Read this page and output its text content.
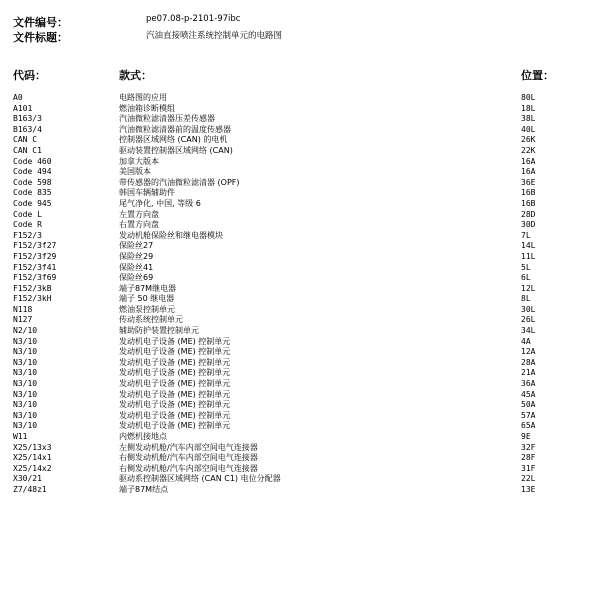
文件编号：	pe07.08-p-2101-97ibc
文件标题：	汽油直接喷注系统控制单元的电路图
代码：	款式：	位置：
A0	电路图的应用	80L
A101	燃油箱诊断模组	18L
B163/3	汽油微粒滤清器压差传感器	38L
B163/4	汽油微粒滤清器前的温度传感器	40L
CAN C	控制器区域网络 (CAN) 的电机	26K
CAN C1	驱动装置控制器区域网络 (CAN)	22K
Code 460	加拿大版本	16A
Code 494	美国版本	16A
Code 598	带传感器的汽油微粒滤清器 (OPF)	36E
Code 835	韩国车辆辅助件	16B
Code 945	尾气净化, 中国, 等级 6	16B
Code L	左置方向盘	28D
Code R	右置方向盘	30D
F152/3	发动机舱保险丝和继电器模块	7L
F152/3f27	保险丝27	14L
F152/3f29	保险丝29	11L
F152/3f41	保险丝41	5L
F152/3f69	保险丝69	6L
F152/3kB	端子87M继电器	12L
F152/3kH	端子 50 继电器	8L
N118	燃油泵控制单元	30L
N127	传动系统控制单元	26L
N2/10	辅助防护装置控制单元	34L
N3/10	发动机电子设备 (ME) 控制单元	4A
N3/10	发动机电子设备 (ME) 控制单元	12A
N3/10	发动机电子设备 (ME) 控制单元	28A
N3/10	发动机电子设备 (ME) 控制单元	21A
N3/10	发动机电子设备 (ME) 控制单元	36A
N3/10	发动机电子设备 (ME) 控制单元	45A
N3/10	发动机电子设备 (ME) 控制单元	50A
N3/10	发动机电子设备 (ME) 控制单元	57A
N3/10	发动机电子设备 (ME) 控制单元	65A
W11	内燃机接地点	9E
X25/13x3	左侧发动机舱/汽车内部空间电气连接器	32F
X25/14x1	右侧发动机舱/汽车内部空间电气连接器	28F
X25/14x2	右侧发动机舱/汽车内部空间电气连接器	31F
X30/21	驱动系控制器区域网络 (CAN C1) 电位分配器	22L
Z7/48z1	端子87M结点	13E
